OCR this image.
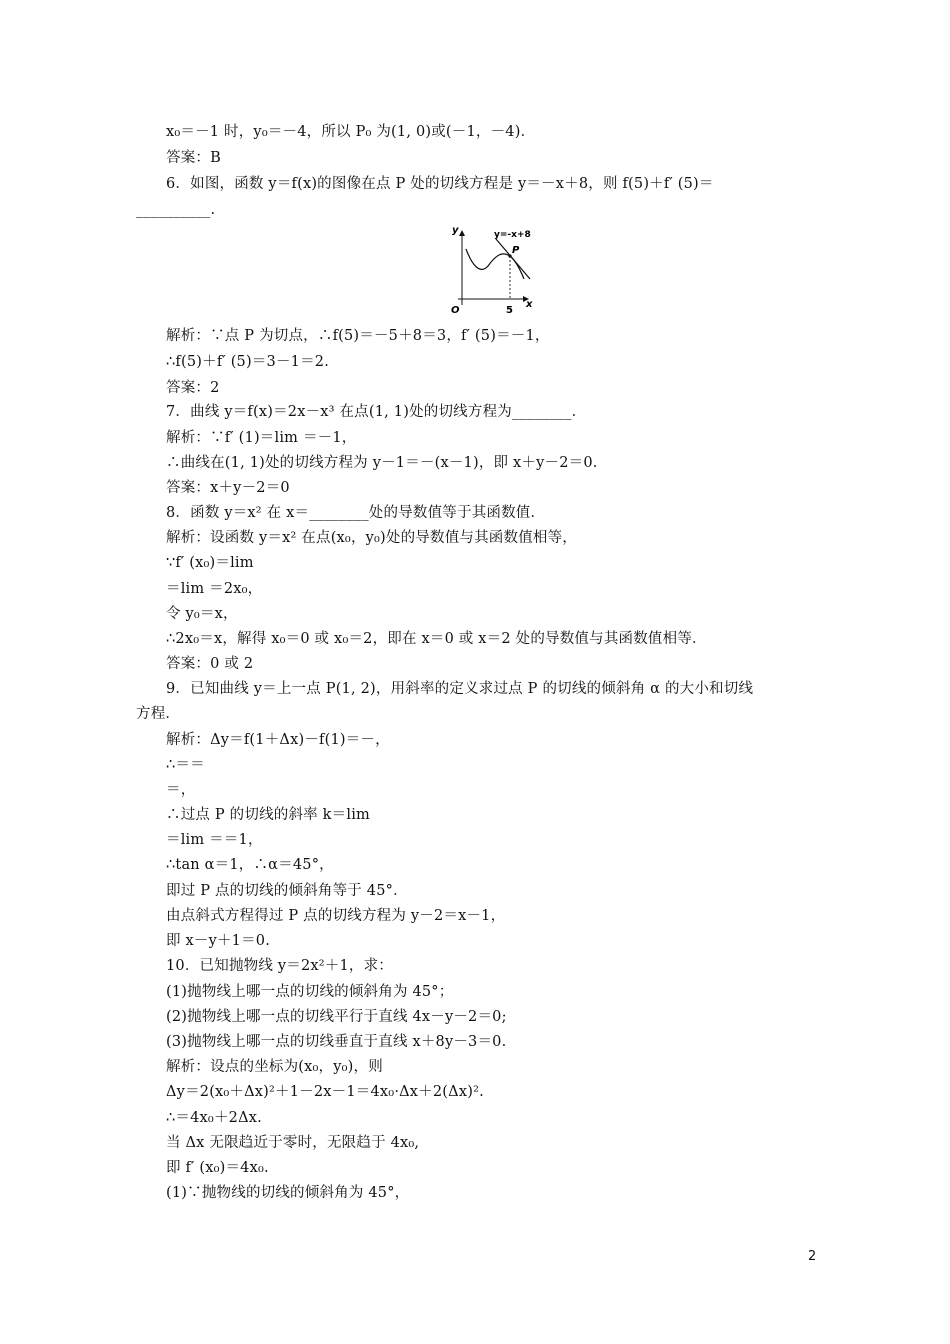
x₀＝－1 时，y₀＝－4，所以 P₀ 为(1, 0)或(－1，－4)．
答案：B
6．如图，函数 y＝f(x)的图像在点 P 处的切线方程是 y＝－x＋8，则 f(5)＋f′ (5)＝
__________.
y
x
O	5
P
y=-x+8
解析：∵点 P 为切点，∴f(5)＝－5＋8＝3，f′ (5)＝－1，
∴f(5)＋f′ (5)＝3－1＝2.
答案：2
7．曲线 y＝f(x)＝2x－x³ 在点(1, 1)处的切线方程为________．
解析：∵f′ (1)＝lim ＝－1，
∴曲线在(1, 1)处的切线方程为 y－1＝－(x－1)，即 x＋y－2＝0.
答案：x＋y－2＝0
8．函数 y＝x² 在 x＝________处的导数值等于其函数值．
解析：设函数 y＝x² 在点(x₀，y₀)处的导数值与其函数值相等，
∵f′ (x₀)＝lim
＝lim ＝2x₀，
令 y₀＝x，
∴2x₀＝x，解得 x₀＝0 或 x₀＝2，即在 x＝0 或 x＝2 处的导数值与其函数值相等．
答案：0 或 2
9．已知曲线 y＝上一点 P(1, 2)，用斜率的定义求过点 P 的切线的倾斜角 α 的大小和切线
方程．
解析：Δy＝f(1＋Δx)－f(1)＝－，
∴＝＝
＝，
∴过点 P 的切线的斜率 k＝lim
＝lim ＝＝1，
∴tan α＝1，∴α＝45°，
即过 P 点的切线的倾斜角等于 45°．
由点斜式方程得过 P 点的切线方程为 y－2＝x－1，
即 x－y＋1＝0.
10．已知抛物线 y＝2x²＋1，求：
(1)抛物线上哪一点的切线的倾斜角为 45°；
(2)抛物线上哪一点的切线平行于直线 4x－y－2＝0;
(3)抛物线上哪一点的切线垂直于直线 x＋8y－3＝0.
解析：设点的坐标为(x₀，y₀)，则
Δy＝2(x₀＋Δx)²＋1－2x－1＝4x₀·Δx＋2(Δx)².
∴＝4x₀＋2Δx.
当 Δx 无限趋近于零时，无限趋于 4x₀,
即 f′ (x₀)＝4x₀.
(1)∵抛物线的切线的倾斜角为 45°，
2
